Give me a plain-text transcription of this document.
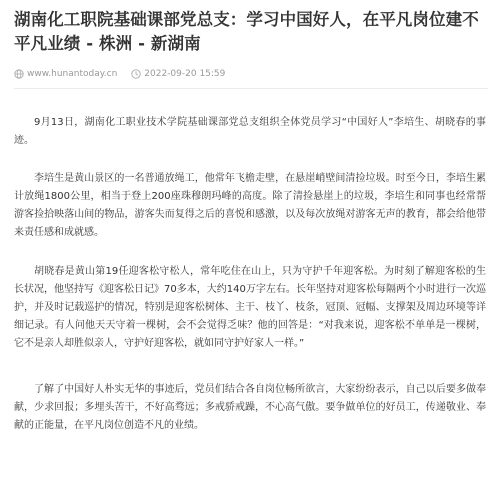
湖南化工职院基础课部党总支：学习中国好人，在平凡岗位建不平凡业绩 - 株洲 - 新湖南
www.hunantoday.cn	2022-09-20 15:59

9月13日，湖南化工职业技术学院基础课部党总支组织全体党员学习“中国好人”李培生、胡晓春的事迹。

李培生是黄山景区的一名普通放绳工，他常年飞檐走壁，在悬崖峭壁间清捡垃圾。时至今日，李培生累计放绳1800公里，相当于登上200座珠穆朗玛峰的高度。除了清捡悬崖上的垃圾，李培生和同事也经常帮游客捡拾映落山间的物品，游客失而复得之后的喜悦和感激，以及每次放绳对游客无声的教育，都会给他带来责任感和成就感。

胡晓春是黄山第19任迎客松守松人，常年吃住在山上，只为守护千年迎客松。为时刻了解迎客松的生长状况，他坚持写《迎客松日记》70多本，大约140万字左右。长年坚持对迎客松每隔两个小时进行一次巡护，并及时记载巡护的情况，特别是迎客松树体、主干、枝丫、枝条，冠顶、冠幅、支撑架及周边环境等详细记录。有人问他天天守着一棵树，会不会觉得乏味？他的回答是：“对我来说，迎客松不单单是一棵树，它不是亲人却胜似亲人，守护好迎客松，就如同守护好家人一样。”

了解了中国好人朴实无华的事迹后，党员们结合各自岗位畅所欲言，大家纷纷表示，自己以后要多做奉献，少求回报；多埋头苦干，不好高骛远；多戒骄戒躁，不心高气傲。要争做单位的好员工，传递敬业、奉献的正能量，在平凡岗位创造不凡的业绩。
